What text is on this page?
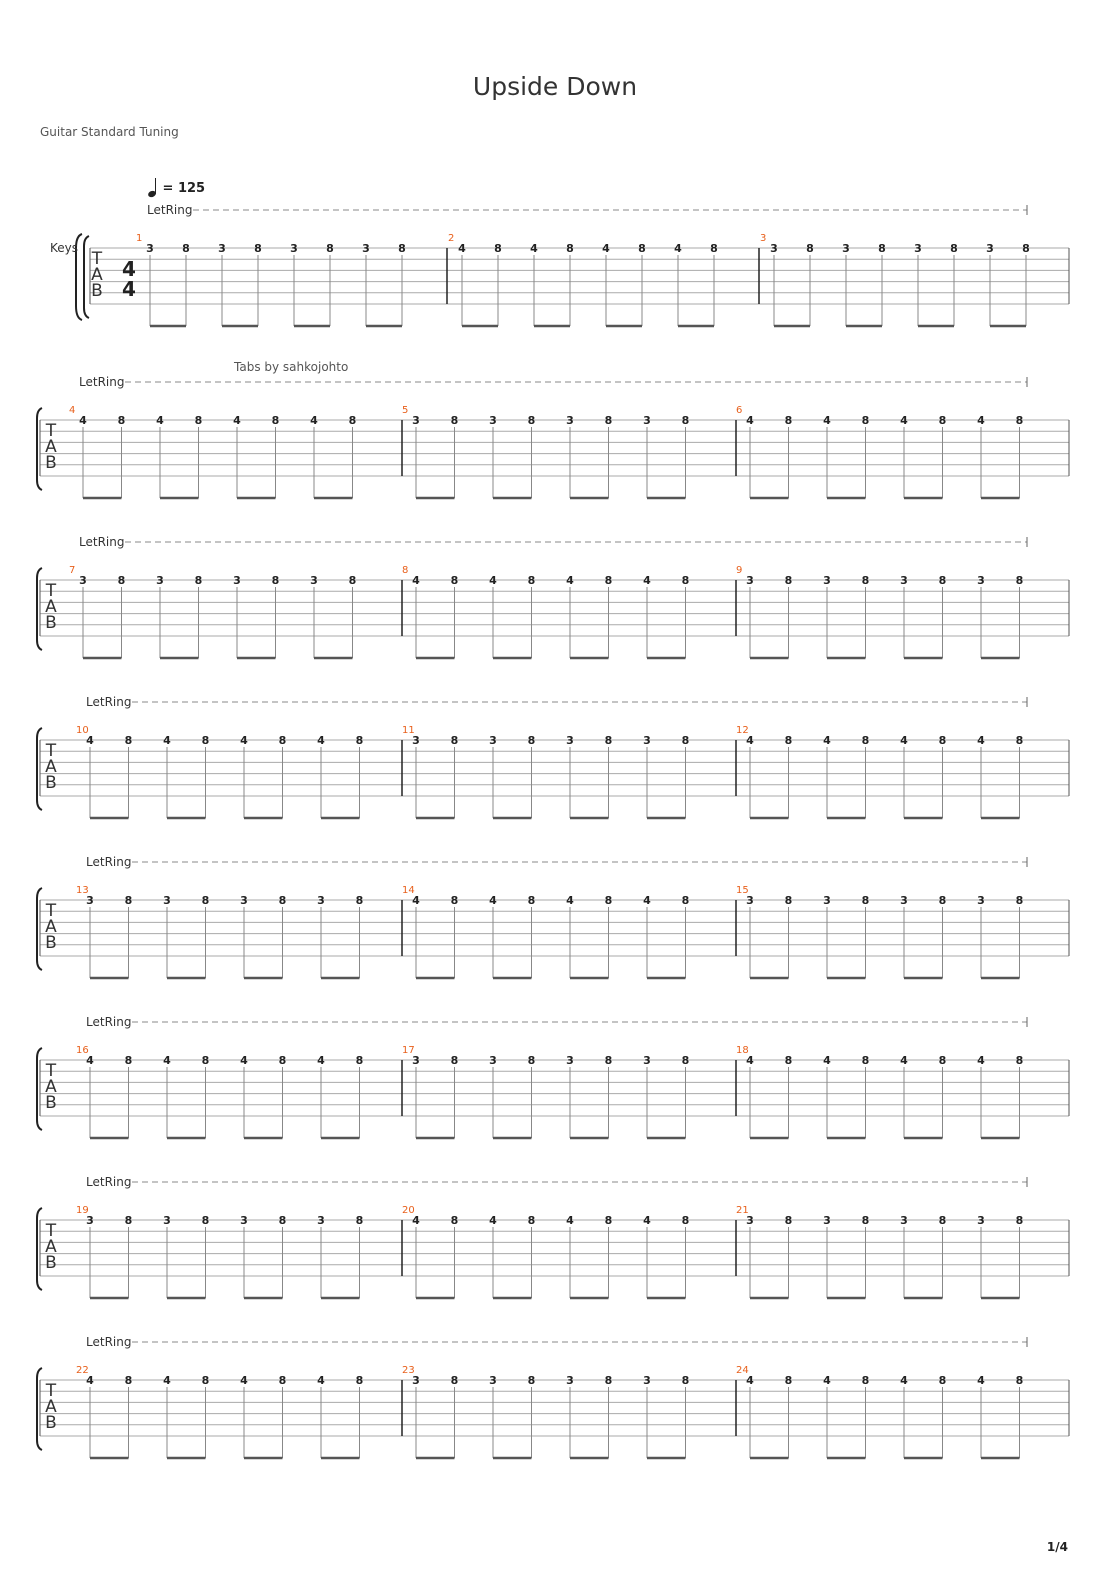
Upside Down
Guitar Standard Tuning
= 125
Tabs by sahkojohto
LetRing
Keys
T
A
B
4
4
1
3	8	3	8	3	8	3	8
2
4	8	4	8	4	8	4	8
3
3	8	3	8	3	8	3	8
LetRing
T
A
B
4
4	8	4	8	4	8	4	8
5
3	8	3	8	3	8	3	8
6
4	8	4	8	4	8	4	8
LetRing
T
A
B
7
3	8	3	8	3	8	3	8
8
4	8	4	8	4	8	4	8
9
3	8	3	8	3	8	3	8
LetRing
T
A
B
10
4	8	4	8	4	8	4	8
11
3	8	3	8	3	8	3	8
12
4	8	4	8	4	8	4	8
LetRing
T
A
B
13
3	8	3	8	3	8	3	8
14
4	8	4	8	4	8	4	8
15
3	8	3	8	3	8	3	8
LetRing
T
A
B
16
4	8	4	8	4	8	4	8
17
3	8	3	8	3	8	3	8
18
4	8	4	8	4	8	4	8
LetRing
T
A
B
19
3	8	3	8	3	8	3	8
20
4	8	4	8	4	8	4	8
21
3	8	3	8	3	8	3	8
LetRing
T
A
B
22
4	8	4	8	4	8	4	8
23
3	8	3	8	3	8	3	8
24
4	8	4	8	4	8	4	8
1/4
